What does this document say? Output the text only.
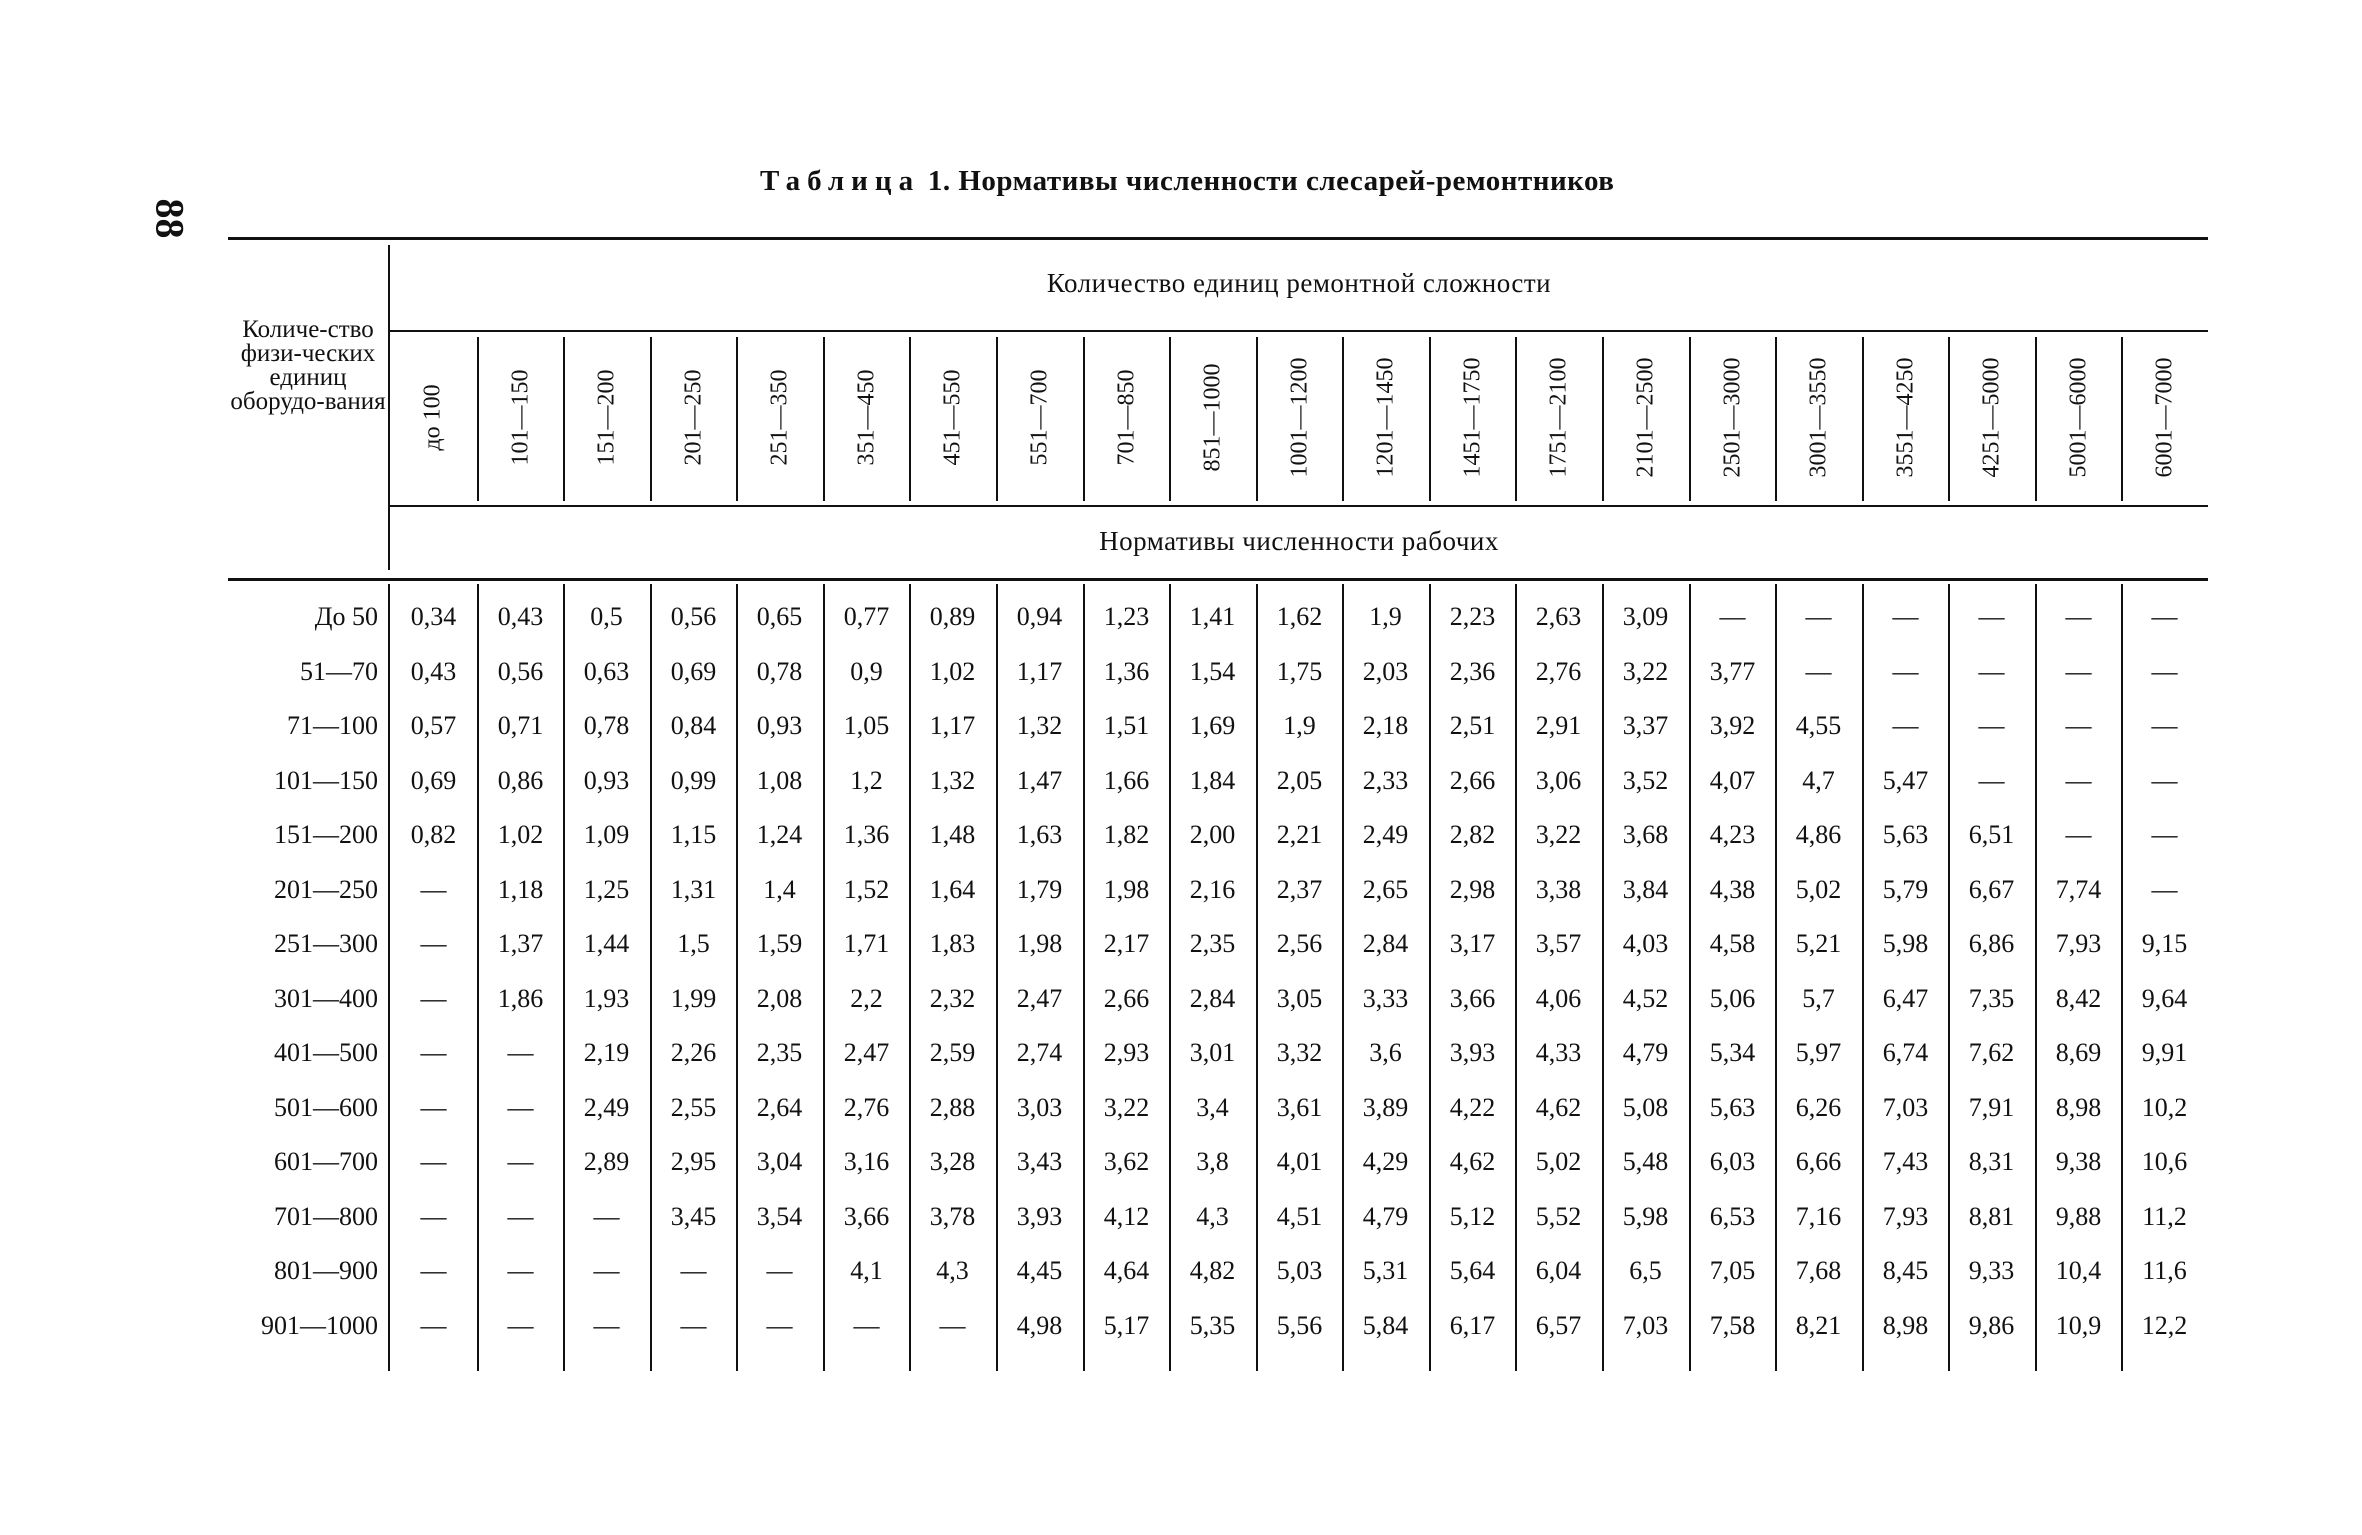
88
Таблица 1. Нормативы численности слесарей-ремонтников
Количе-ство физи-ческих единиц оборудо-вания
Количество единиц ремонтной сложности
Нормативы численности рабочих
до 100	101—150	151—200	201—250	251—350	351—450	451—550	551—700	701—850	851—1000	1001—1200	1201—1450	1451—1750	1751—2100	2101—2500	2501—3000	3001—3550	3551—4250	4251—5000	5001—6000	6001—7000
До 50	0,34	0,43	0,5	0,56	0,65	0,77	0,89	0,94	1,23	1,41	1,62	1,9	2,23	2,63	3,09	—	—	—	—	—	—
51—70	0,43	0,56	0,63	0,69	0,78	0,9	1,02	1,17	1,36	1,54	1,75	2,03	2,36	2,76	3,22	3,77	—	—	—	—	—
71—100	0,57	0,71	0,78	0,84	0,93	1,05	1,17	1,32	1,51	1,69	1,9	2,18	2,51	2,91	3,37	3,92	4,55	—	—	—	—
101—150	0,69	0,86	0,93	0,99	1,08	1,2	1,32	1,47	1,66	1,84	2,05	2,33	2,66	3,06	3,52	4,07	4,7	5,47	—	—	—
151—200	0,82	1,02	1,09	1,15	1,24	1,36	1,48	1,63	1,82	2,00	2,21	2,49	2,82	3,22	3,68	4,23	4,86	5,63	6,51	—	—
201—250	—	1,18	1,25	1,31	1,4	1,52	1,64	1,79	1,98	2,16	2,37	2,65	2,98	3,38	3,84	4,38	5,02	5,79	6,67	7,74	—
251—300	—	1,37	1,44	1,5	1,59	1,71	1,83	1,98	2,17	2,35	2,56	2,84	3,17	3,57	4,03	4,58	5,21	5,98	6,86	7,93	9,15
301—400	—	1,86	1,93	1,99	2,08	2,2	2,32	2,47	2,66	2,84	3,05	3,33	3,66	4,06	4,52	5,06	5,7	6,47	7,35	8,42	9,64
401—500	—	—	2,19	2,26	2,35	2,47	2,59	2,74	2,93	3,01	3,32	3,6	3,93	4,33	4,79	5,34	5,97	6,74	7,62	8,69	9,91
501—600	—	—	2,49	2,55	2,64	2,76	2,88	3,03	3,22	3,4	3,61	3,89	4,22	4,62	5,08	5,63	6,26	7,03	7,91	8,98	10,2
601—700	—	—	2,89	2,95	3,04	3,16	3,28	3,43	3,62	3,8	4,01	4,29	4,62	5,02	5,48	6,03	6,66	7,43	8,31	9,38	10,6
701—800	—	—	—	3,45	3,54	3,66	3,78	3,93	4,12	4,3	4,51	4,79	5,12	5,52	5,98	6,53	7,16	7,93	8,81	9,88	11,2
801—900	—	—	—	—	—	4,1	4,3	4,45	4,64	4,82	5,03	5,31	5,64	6,04	6,5	7,05	7,68	8,45	9,33	10,4	11,6
901—1000	—	—	—	—	—	—	—	4,98	5,17	5,35	5,56	5,84	6,17	6,57	7,03	7,58	8,21	8,98	9,86	10,9	12,2
